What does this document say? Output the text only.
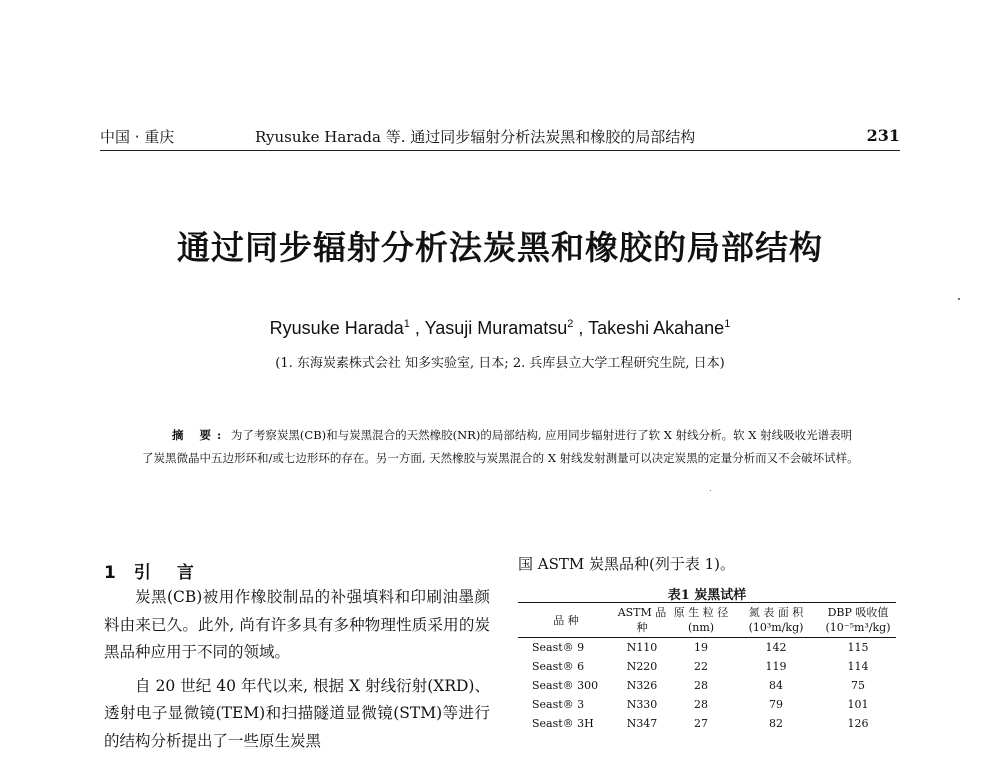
中国 · 重庆	Ryusuke Harada 等. 通过同步辐射分析法炭黑和橡胶的局部结构	231
通过同步辐射分析法炭黑和橡胶的局部结构
Ryusuke Harada$^1$ , Yasuji Muramatsu$^2$ , Takeshi Akahane$^1$
(1. 东海炭素株式会社 知多实验室, 日本; 2. 兵库县立大学工程研究生院, 日本)
摘 要: 为了考察炭黑(CB)和与炭黑混合的天然橡胶(NR)的局部结构, 应用同步辐射进行了软 X 射线分析。软 X 射线吸收光谱表明了炭黑微晶中五边形环和/或七边形环的存在。另一方面, 天然橡胶与炭黑混合的 X 射线发射测量可以决定炭黑的定量分析而又不会破坏试样。
1 引 言

炭黑(CB)被用作橡胶制品的补强填料和印刷油墨颜料由来已久。此外, 尚有许多具有多种物理性质采用的炭黑品种应用于不同的领域。

自 20 世纪 40 年代以来, 根据 X 射线衍射(XRD)、透射电子显微镜(TEM)和扫描隧道显微镜(STM)等进行的结构分析提出了一些原生炭黑

国 ASTM 炭黑品种(列于表 1)。
表1 炭黑试样
品 种	ASTM 品 种	原 生 粒 径 (nm)	氮 表 面 积 (10³m/kg)	DBP 吸收值 (10⁻⁵m³/kg)
Seast® 9	N110	19	142	115
Seast® 6	N220	22	119	114
Seast® 300	N326	28	84	75
Seast® 3	N330	28	79	101
Seast® 3H	N347	27	82	126
